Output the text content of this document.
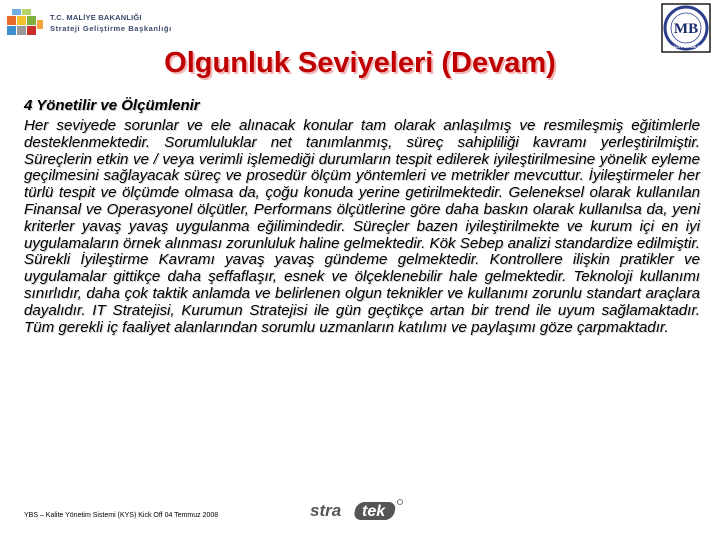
T.C. MALİYE BAKANLIĞI
Strateji Geliştirme Başkanlığı	MB
T.C.
MALİYE BAKANLIĞI
Olgunluk Seviyeleri (Devam)
4 Yönetilir ve Ölçümlenir

Her seviyede sorunlar ve ele alınacak konular tam olarak anlaşılmış ve resmileşmiş eğitimlerle desteklenmektedir. Sorumluluklar net tanımlanmış, süreç sahipliliği kavramı yerleştirilmiştir. Süreçlerin etkin ve / veya verimli işlemediği durumların tespit edilerek iyileştirilmesine yönelik eyleme geçilmesini sağlayacak süreç ve prosedür ölçüm yöntemleri ve metrikler mevcuttur. İyileştirmeler her türlü tespit ve ölçümde olmasa da, çoğu konuda yerine getirilmektedir. Geleneksel olarak kullanılan Finansal ve Operasyonel ölçütler, Performans ölçütlerine göre daha baskın olarak kullanılsa da, yeni kriterler yavaş yavaş uygulanma eğilimindedir. Süreçler bazen iyileştirilmekte ve kurum içi en iyi uygulamaların örnek alınması zorunluluk haline gelmektedir. Kök Sebep analizi standardize edilmiştir. Sürekli İyileştirme Kavramı yavaş yavaş gündeme gelmektedir. Kontrollere ilişkin pratikler ve uygulamalar gittikçe daha şeffaflaşır, esnek ve ölçeklenebilir hale gelmektedir. Teknoloji kullanımı sınırlıdır, daha çok taktik anlamda ve belirlenen olgun teknikler ve kullanımı zorunlu standart araçlara dayalıdır. IT Stratejisi, Kurumun Stratejisi ile gün geçtikçe artan bir trend ile uyum sağlamaktadır. Tüm gerekli iç faaliyet alanlarından sorumlu uzmanların katılımı ve paylaşımı göze çarpmaktadır.

YBS – Kalite Yönetim Sistemi (KYS) Kick Off 04 Temmuz 2008	stra tek
